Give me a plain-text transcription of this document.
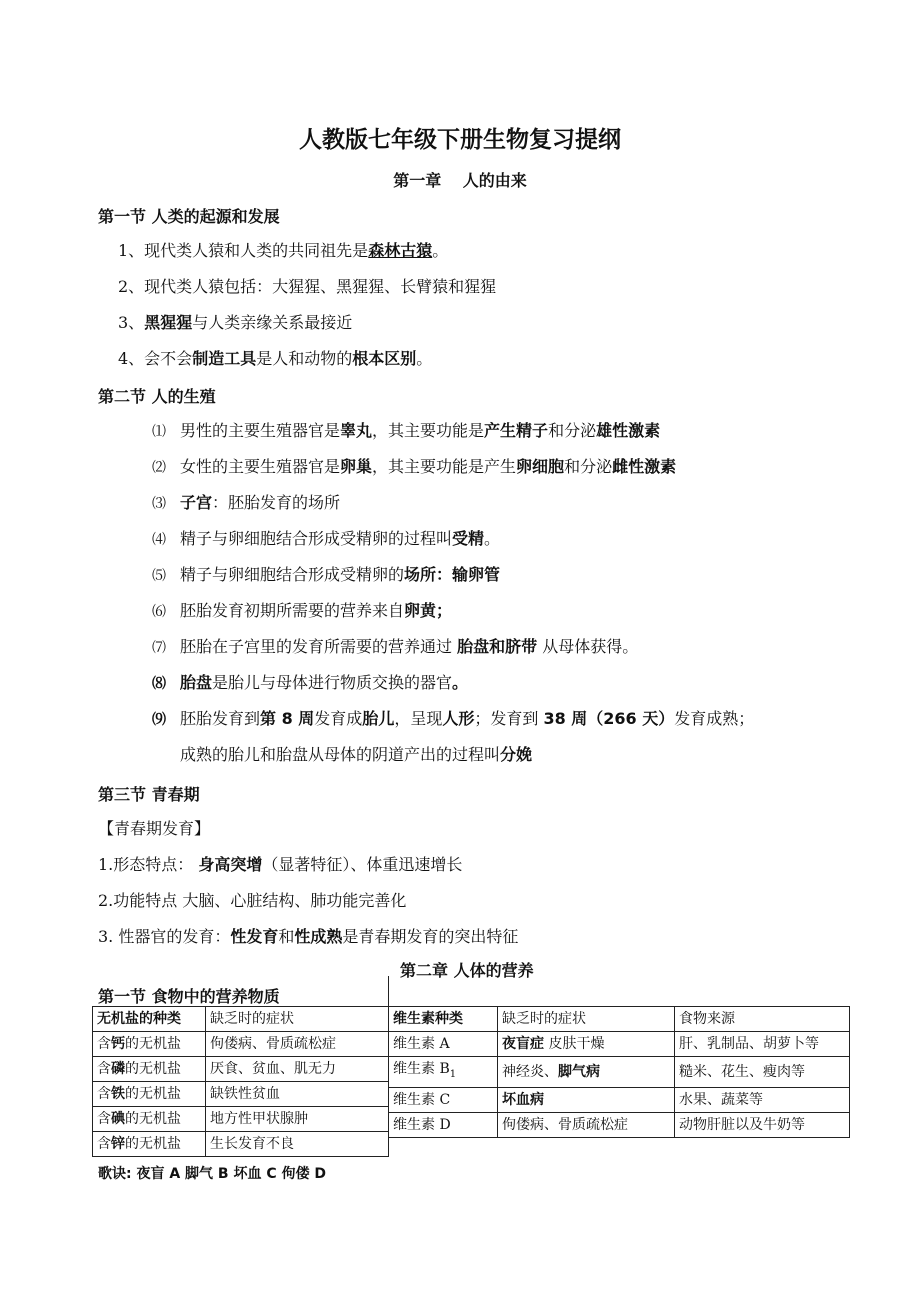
人教版七年级下册生物复习提纲
第一章　 人的由来
第一节 人类的起源和发展
1、现代类人猿和人类的共同祖先是森林古猿。
2、现代类人猿包括：大猩猩、黑猩猩、长臂猿和猩猩
3、黑猩猩与人类亲缘关系最接近
4、会不会制造工具是人和动物的根本区别。
第二节 人的生殖
⑴ 男性的主要生殖器官是睾丸，其主要功能是产生精子和分泌雄性激素
⑵ 女性的主要生殖器官是卵巢，其主要功能是产生卵细胞和分泌雌性激素
⑶ 子宫：胚胎发育的场所
⑷ 精子与卵细胞结合形成受精卵的过程叫受精。
⑸ 精子与卵细胞结合形成受精卵的场所：输卵管
⑹ 胚胎发育初期所需要的营养来自卵黄；
⑺ 胚胎在子宫里的发育所需要的营养通过 胎盘和脐带 从母体获得。
⑻ 胎盘是胎儿与母体进行物质交换的器官。
⑼ 胚胎发育到第 8 周发育成胎儿，呈现人形；发育到 38 周（266 天）发育成熟；
成熟的胎儿和胎盘从母体的阴道产出的过程叫分娩
第三节 青春期
【青春期发育】
1.形态特点： 身高突增（显著特征）、体重迅速增长
2.功能特点 大脑、心脏结构、肺功能完善化
3. 性器官的发育：性发育和性成熟是青春期发育的突出特征
第二章 人体的营养
第一节 食物中的营养物质
无机盐的种类	缺乏时的症状
含钙的无机盐	佝偻病、骨质疏松症
含磷的无机盐	厌食、贫血、肌无力
含铁的无机盐	缺铁性贫血
含碘的无机盐	地方性甲状腺肿
含锌的无机盐	生长发育不良
维生素种类	缺乏时的症状	食物来源
维生素 A	夜盲症 皮肤干燥	肝、乳制品、胡萝卜等
维生素 $B_1$	神经炎、脚气病	糙米、花生、瘦肉等
维生素 C	坏血病	水果、蔬菜等
维生素 D	佝偻病、骨质疏松症	动物肝脏以及牛奶等
歌诀: 夜盲 A 脚气 B 坏血 C 佝偻 D
